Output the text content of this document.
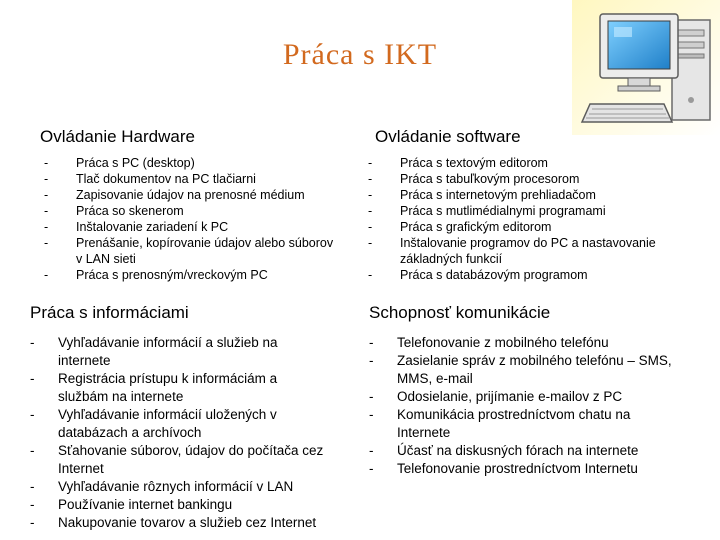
Práca s IKT
Ovládanie Hardware
- Práca s PC (desktop)
- Tlač dokumentov na PC tlačiarni
- Zapisovanie údajov na prenosné médium
- Práca so skenerom
- Inštalovanie zariadení k PC
- Prenášanie, kopírovanie údajov alebo súborov v LAN sieti
- Práca s prenosným/vreckovým PC
Ovládanie software
- Práca s textovým editorom
- Práca s tabuľkovým procesorom
- Práca s internetovým prehliadačom
- Práca s mutlimédialnymi programami
- Práca s grafickým editorom
- Inštalovanie programov do PC a nastavovanie základných funkcií
- Práca s databázovým programom
Práca s informáciami
- Vyhľadávanie informácií a služieb na internete
- Registrácia prístupu k informáciám a službám na internete
- Vyhľadávanie informácií uložených v databázach a archívoch
- Sťahovanie súborov, údajov do počítača cez Internet
- Vyhľadávanie rôznych informácií v LAN
- Používanie internet bankingu
- Nakupovanie tovarov a služieb cez Internet
Schopnosť komunikácie
- Telefonovanie z mobilného telefónu
- Zasielanie správ z mobilného telefónu – SMS, MMS, e-mail
- Odosielanie, prijímanie e-mailov z PC
- Komunikácia prostredníctvom chatu na Internete
- Účasť na diskusných fórach na internete
- Telefonovanie prostredníctvom Internetu
